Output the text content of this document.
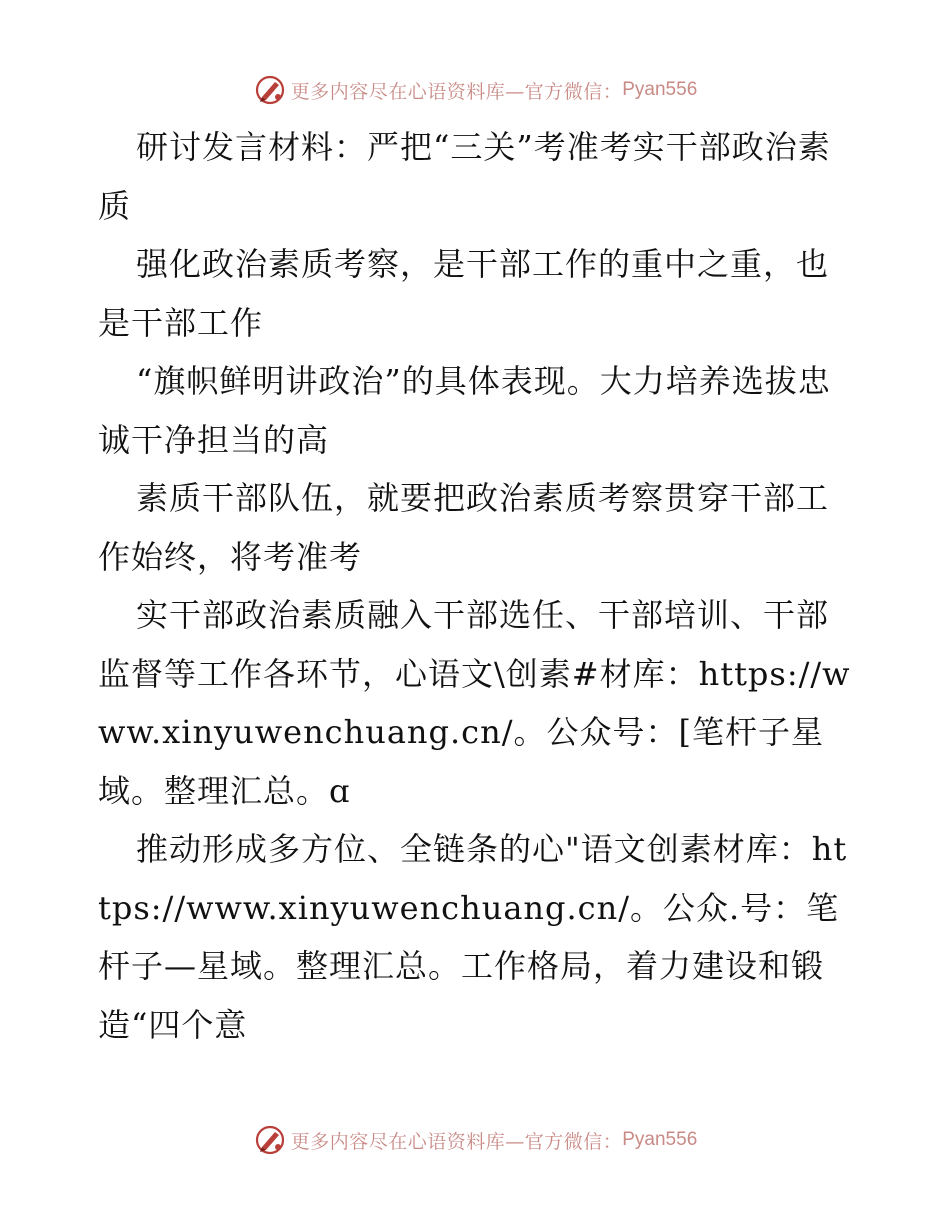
更多内容尽在心语资料库—官方微信： Pyan556

研讨发言材料：严把“三关”考准考实干部政治素质

强化政治素质考察，是干部工作的重中之重，也是干部工作

“旗帜鲜明讲政治”的具体表现。大力培养选拔忠诚干净担当的高

素质干部队伍，就要把政治素质考察贯穿干部工作始终，将考准考

实干部政治素质融入干部选任、干部培训、干部监督等工作各环节，心语文\创素#材库：https://www.xinyuwenchuang.cn/。公众号：[笔杆子星域。整理汇总。ɑ

推动形成多方位、全链条的心"语文创素材库：https://www.xinyuwenchuang.cn/。公众.号：笔杆子—星域。整理汇总。工作格局，着力建设和锻造“四个意

更多内容尽在心语资料库—官方微信： Pyan556
